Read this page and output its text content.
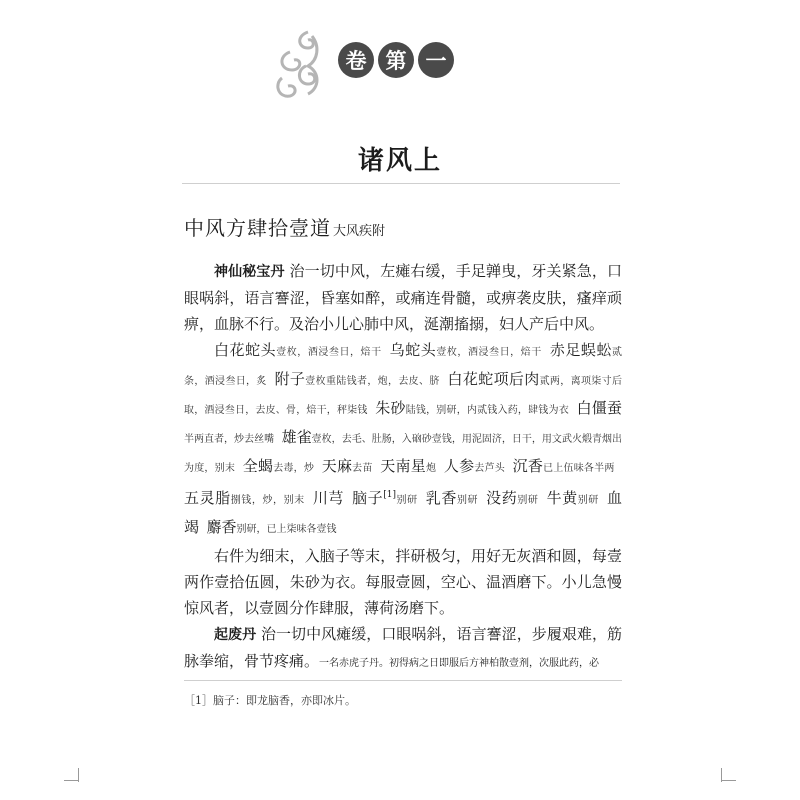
卷 第 一
诸风上
中风方肆拾壹道 大风疾附

神仙秘宝丹 治一切中风，左瘫右缓，手足亸曳，牙关紧急，口眼㖞斜，语言謇涩，昏塞如醉，或痛连骨髓，或痹袭皮肤，瘙痒顽痹，血脉不行。及治小儿心肺中风，涎潮搐搦，妇人产后中风。

白花蛇头壹枚，酒浸叁日，焙干  乌蛇头壹枚，酒浸叁日，焙干  赤足蜈蚣贰条，酒浸叁日，炙  附子壹枚重陆钱者，炮，去皮、脐  白花蛇项后肉贰两，离项柒寸后取，酒浸叁日，去皮、骨，焙干，秤柒钱  朱砂陆钱，别研，内贰钱入药，肆钱为衣  白僵蚕半两直者，炒去丝嘴  雄雀壹枚，去毛、肚肠，入硇砂壹钱，用泥固济，日干，用文武火煅青烟出为度，别末  全蝎去毒，炒  天麻去苗  天南星炮  人参去芦头  沉香已上伍味各半两 五灵脂捌钱，炒，别末  川芎  脑子[1]别研  乳香别研  没药别研  牛黄别研  血竭  麝香别研，已上柒味各壹钱 

右件为细末，入脑子等末，拌研极匀，用好无灰酒和圆，每壹两作壹拾伍圆，朱砂为衣。每服壹圆，空心、温酒磨下。小儿急慢惊风者，以壹圆分作肆服，薄荷汤磨下。

起废丹 治一切中风瘫缓，口眼㖞斜，语言謇涩，步履艰难，筋脉拳缩，骨节疼痛。一名赤虎子丹。初得病之日即服后方神柏散壹剂，次服此药，必

［1］脑子：即龙脑香，亦即冰片。
